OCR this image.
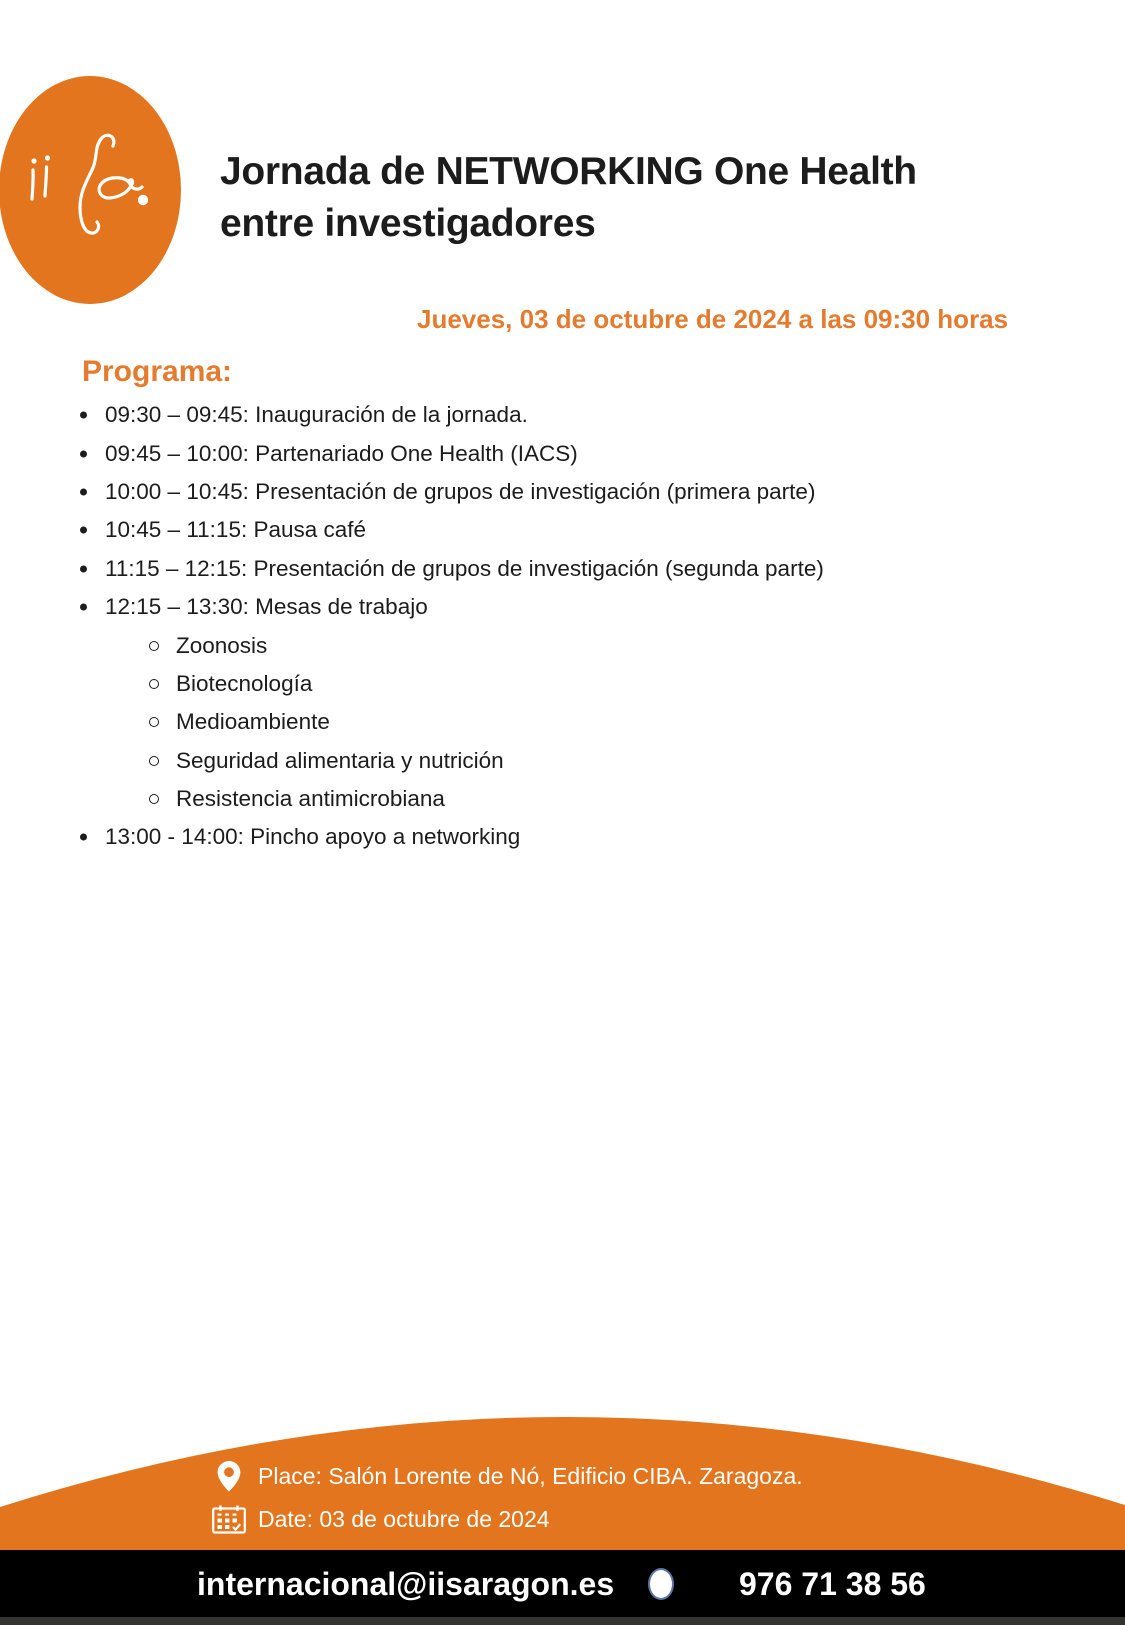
Jornada de NETWORKING One Health
entre investigadores
Jueves, 03 de octubre de 2024 a las 09:30 horas
Programa:
09:30 – 09:45: Inauguración de la jornada.
09:45 – 10:00: Partenariado One Health (IACS)
10:00 – 10:45: Presentación de grupos de investigación (primera parte)
10:45 – 11:15: Pausa café
11:15 – 12:15: Presentación de grupos de investigación (segunda parte)
12:15 – 13:30: Mesas de trabajo
Zoonosis
Biotecnología
Medioambiente
Seguridad alimentaria y nutrición
Resistencia antimicrobiana
13:00 - 14:00: Pincho apoyo a networking
Place: Salón Lorente de Nó, Edificio CIBA. Zaragoza.
Date: 03 de octubre de 2024
internacional@iisaragon.es	976 71 38 56
